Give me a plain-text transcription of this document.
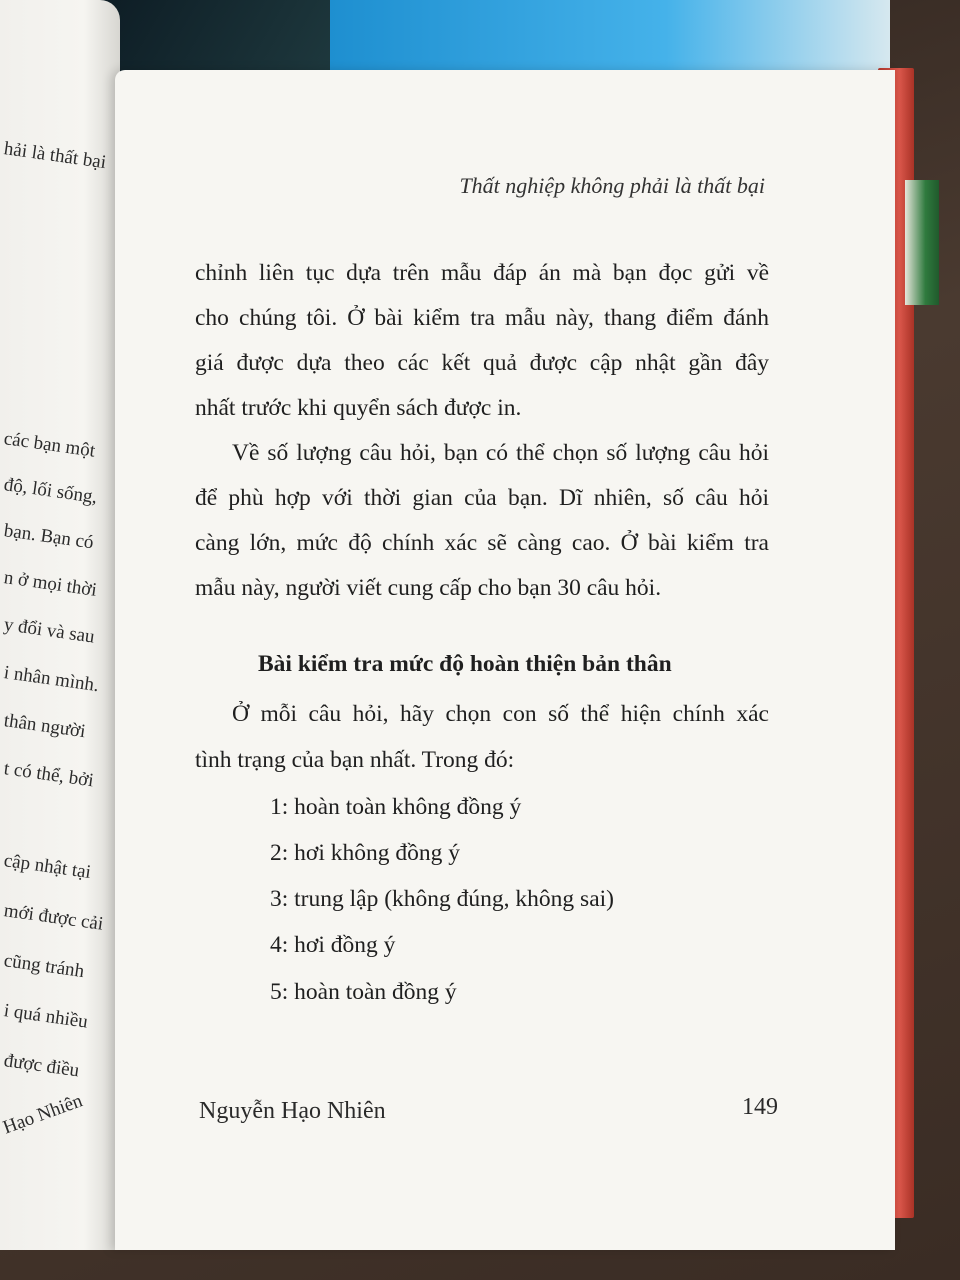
hải là thất bại
các bạn một
độ, lối sống,
bạn. Bạn có
n ở mọi thời
y đổi và sau
i nhân mình.
thân người
t có thể, bởi
cập nhật tại
mới được cải
cũng tránh
i quá nhiều
được điều
Hạo Nhiên
Thất nghiệp không phải là thất bại
chỉnh liên tục dựa trên mẫu đáp án mà bạn đọc gửi về
cho chúng tôi. Ở bài kiểm tra mẫu này, thang điểm đánh
giá được dựa theo các kết quả được cập nhật gần đây
nhất trước khi quyển sách được in.
Về số lượng câu hỏi, bạn có thể chọn số lượng câu hỏi
để phù hợp với thời gian của bạn. Dĩ nhiên, số câu hỏi
càng lớn, mức độ chính xác sẽ càng cao. Ở bài kiểm tra
mẫu này, người viết cung cấp cho bạn 30 câu hỏi.
Bài kiểm tra mức độ hoàn thiện bản thân
Ở mỗi câu hỏi, hãy chọn con số thể hiện chính xác
tình trạng của bạn nhất. Trong đó:
1: hoàn toàn không đồng ý
2: hơi không đồng ý
3: trung lập (không đúng, không sai)
4: hơi đồng ý
5: hoàn toàn đồng ý
Nguyễn Hạo Nhiên	149
